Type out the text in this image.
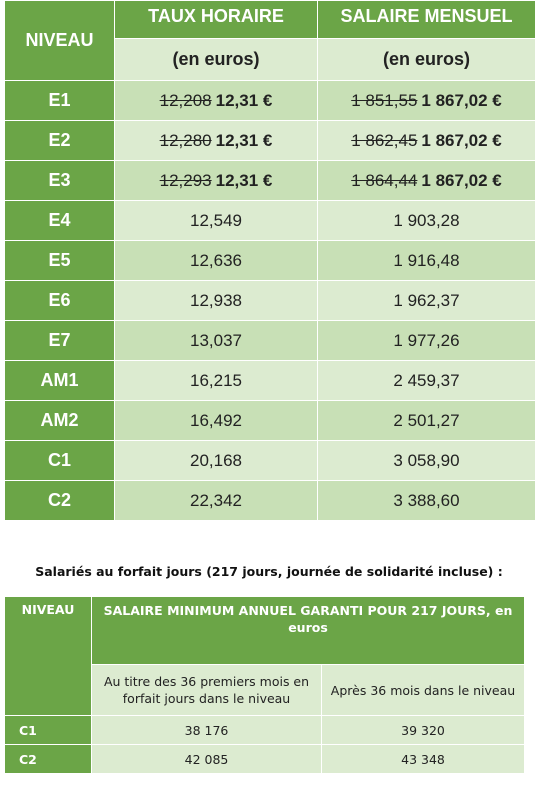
NIVEAU	TAUX HORAIRE	SALAIRE MENSUEL
	(en euros)	(en euros)
E1	12,208 12,31 €	1 851,55 1 867,02 €
E2	12,280 12,31 €	1 862,45 1 867,02 €
E3	12,293 12,31 €	1 864,44 1 867,02 €
E4	12,549	1 903,28
E5	12,636	1 916,48
E6	12,938	1 962,37
E7	13,037	1 977,26
AM1	16,215	2 459,37
AM2	16,492	2 501,27
C1	20,168	3 058,90
C2	22,342	3 388,60
Salariés au forfait jours (217 jours, journée de solidarité incluse) :
NIVEAU	SALAIRE MINIMUM ANNUEL GARANTI POUR 217 JOURS, en euros	
	Au titre des 36 premiers mois en forfait jours dans le niveau	Après 36 mois dans le niveau
C1	38 176	39 320
C2	42 085	43 348
